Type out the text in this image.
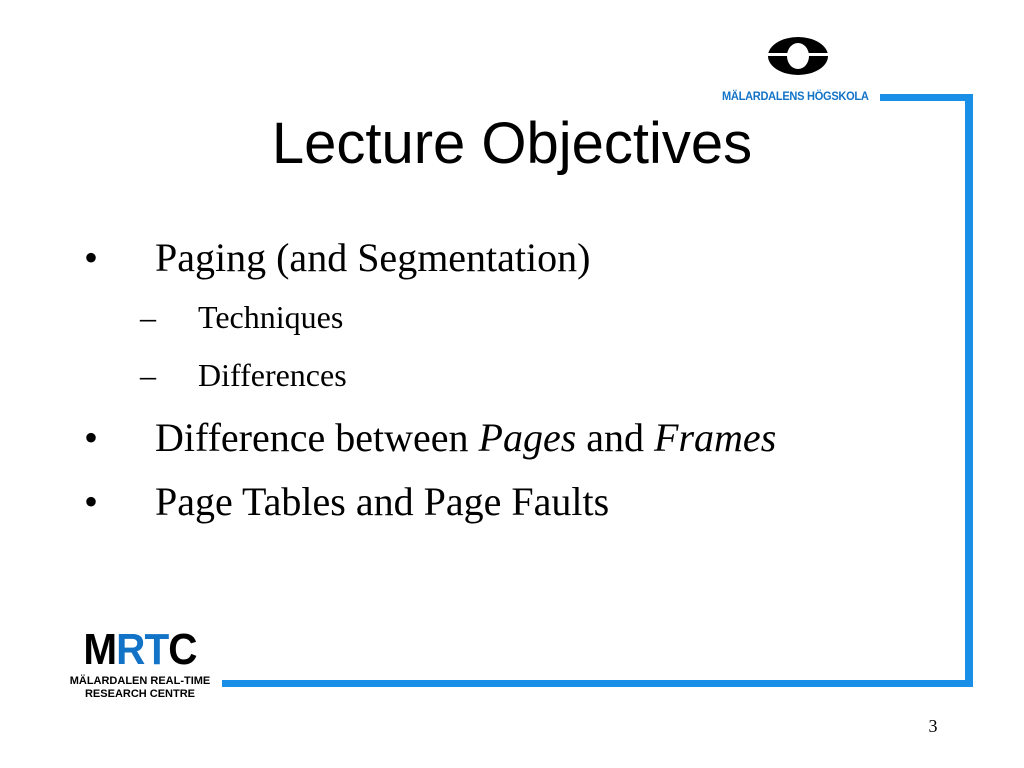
MÄLARDALENS HÖGSKOLA
Lecture Objectives
• Paging (and Segmentation)
– Techniques
– Differences
• Difference between Pages and Frames
• Page Tables and Page Faults
MRTC
MÄLARDALEN REAL-TIME
RESEARCH CENTRE
3
